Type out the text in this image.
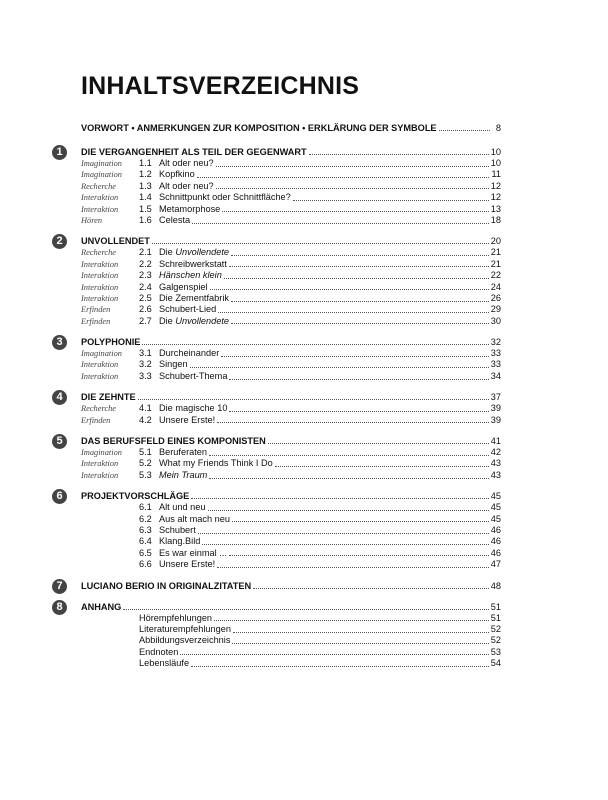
INHALTSVERZEICHNIS
VORWORT • ANMERKUNGEN ZUR KOMPOSITION • ERKLÄRUNG DER SYMBOLE	8
1	DIE VERGANGENHEIT ALS TEIL DER GEGENWART	10
Imagination	1.1 Alt oder neu?	10
Imagination	1.2 Kopfkino	11
Recherche	1.3 Alt oder neu?	12
Interaktion	1.4 Schnittpunkt oder Schnittfläche?	12
Interaktion	1.5 Metamorphose	13
Hören	1.6 Celesta	18
2	UNVOLLENDET	20
Recherche	2.1 Die Unvollendete	21
Interaktion	2.2 Schreibwerkstatt	21
Interaktion	2.3 Hänschen klein	22
Interaktion	2.4 Galgenspiel	24
Interaktion	2.5 Die Zementfabrik	26
Erfinden	2.6 Schubert-Lied	29
Erfinden	2.7 Die Unvollendete	30
3	POLYPHONIE	32
Imagination	3.1 Durcheinander	33
Interaktion	3.2 Singen	33
Interaktion	3.3 Schubert-Thema	34
4	DIE ZEHNTE	37
Recherche	4.1 Die magische 10	39
Erfinden	4.2 Unsere Erste!	39
5	DAS BERUFSFELD EINES KOMPONISTEN	41
Imagination	5.1 Beruferaten	42
Interaktion	5.2 What my Friends Think I Do	43
Interaktion	5.3 Mein Traum	43
6	PROJEKTVORSCHLÄGE	45
6.1 Alt und neu	45
6.2 Aus alt mach neu	45
6.3 Schubert	46
6.4 Klang.Bild	46
6.5 Es war einmal ...	46
6.6 Unsere Erste!	47
7	LUCIANO BERIO IN ORIGINALZITATEN	48
8	ANHANG	51
Hörempfehlungen	51
Literaturempfehlungen	52
Abbildungsverzeichnis	52
Endnoten	53
Lebensläufe	54
